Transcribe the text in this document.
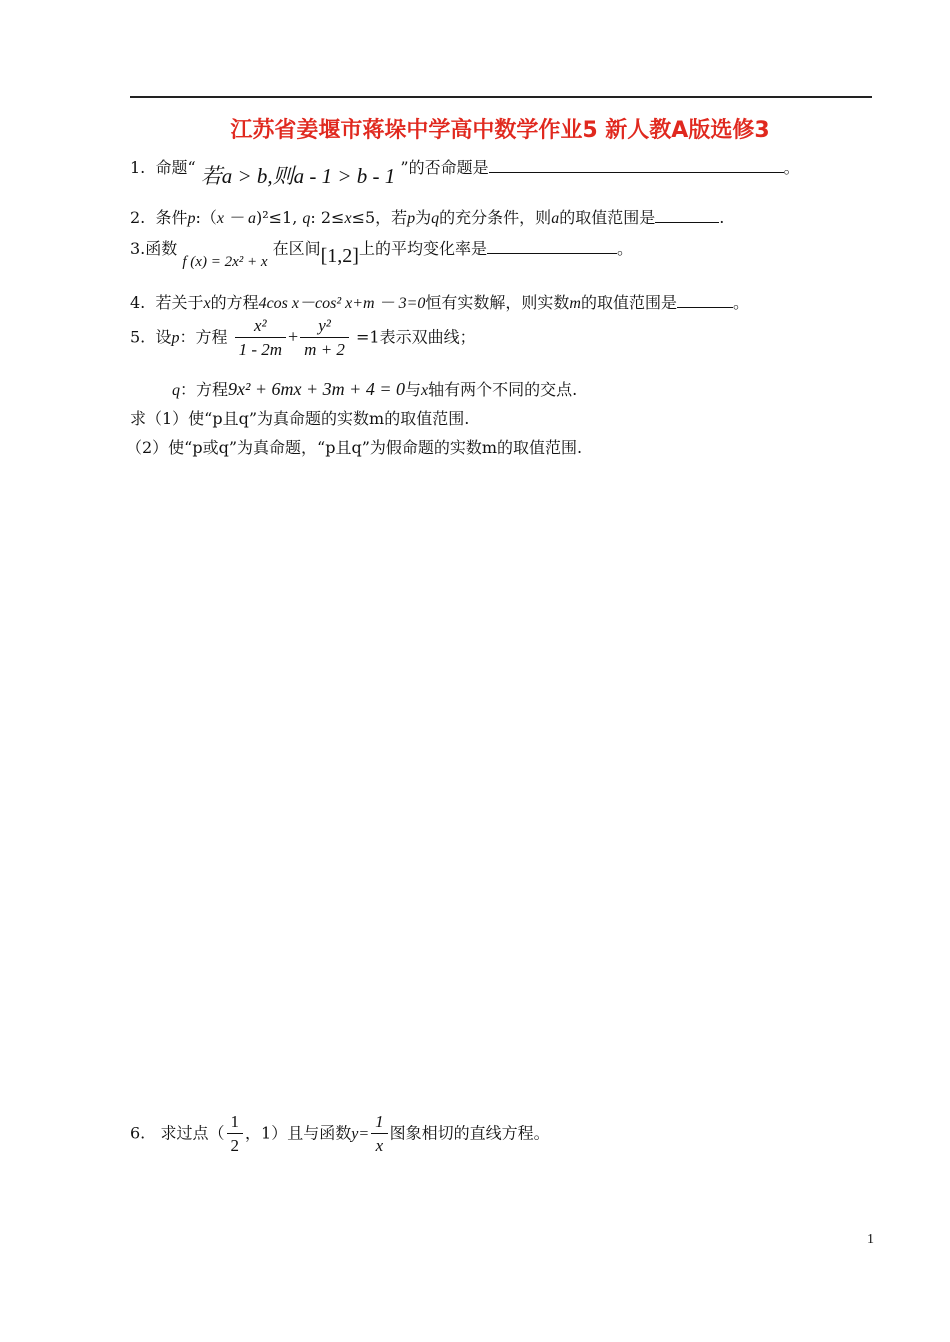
江苏省姜堰市蒋垛中学高中数学作业5 新人教A版选修3
1. 命题“ 若a > b,则a - 1 > b - 1 ”的否命题是	。
2. 条件p:（x － a)²≤1, q: 2≤x≤5，若p为q的充分条件，则a的取值范围是	.
3.函数 f (x) = 2x² + x 在区间[1,2]上的平均变化率是	。
4. 若关于x的方程4cos x－cos² x+m － 3=0恒有实数解，则实数m的取值范围是	。
5. 设p：方程 $\frac{\text{x²}}{1 - 2m} + \frac{\text{y²}}{m + 2} =1$表示双曲线；
q：方程9x² + 6mx + 3m + 4 = 0与x轴有两个不同的交点.
求（1）使“p且q”为真命题的实数m的取值范围.
（2）使“p或q”为真命题，“p且q”为假命题的实数m的取值范围.
6. 求过点（ $\frac{1}{2}$ ，1）且与函数$y= \frac{1}{x}$ 图象相切的直线方程。
1
